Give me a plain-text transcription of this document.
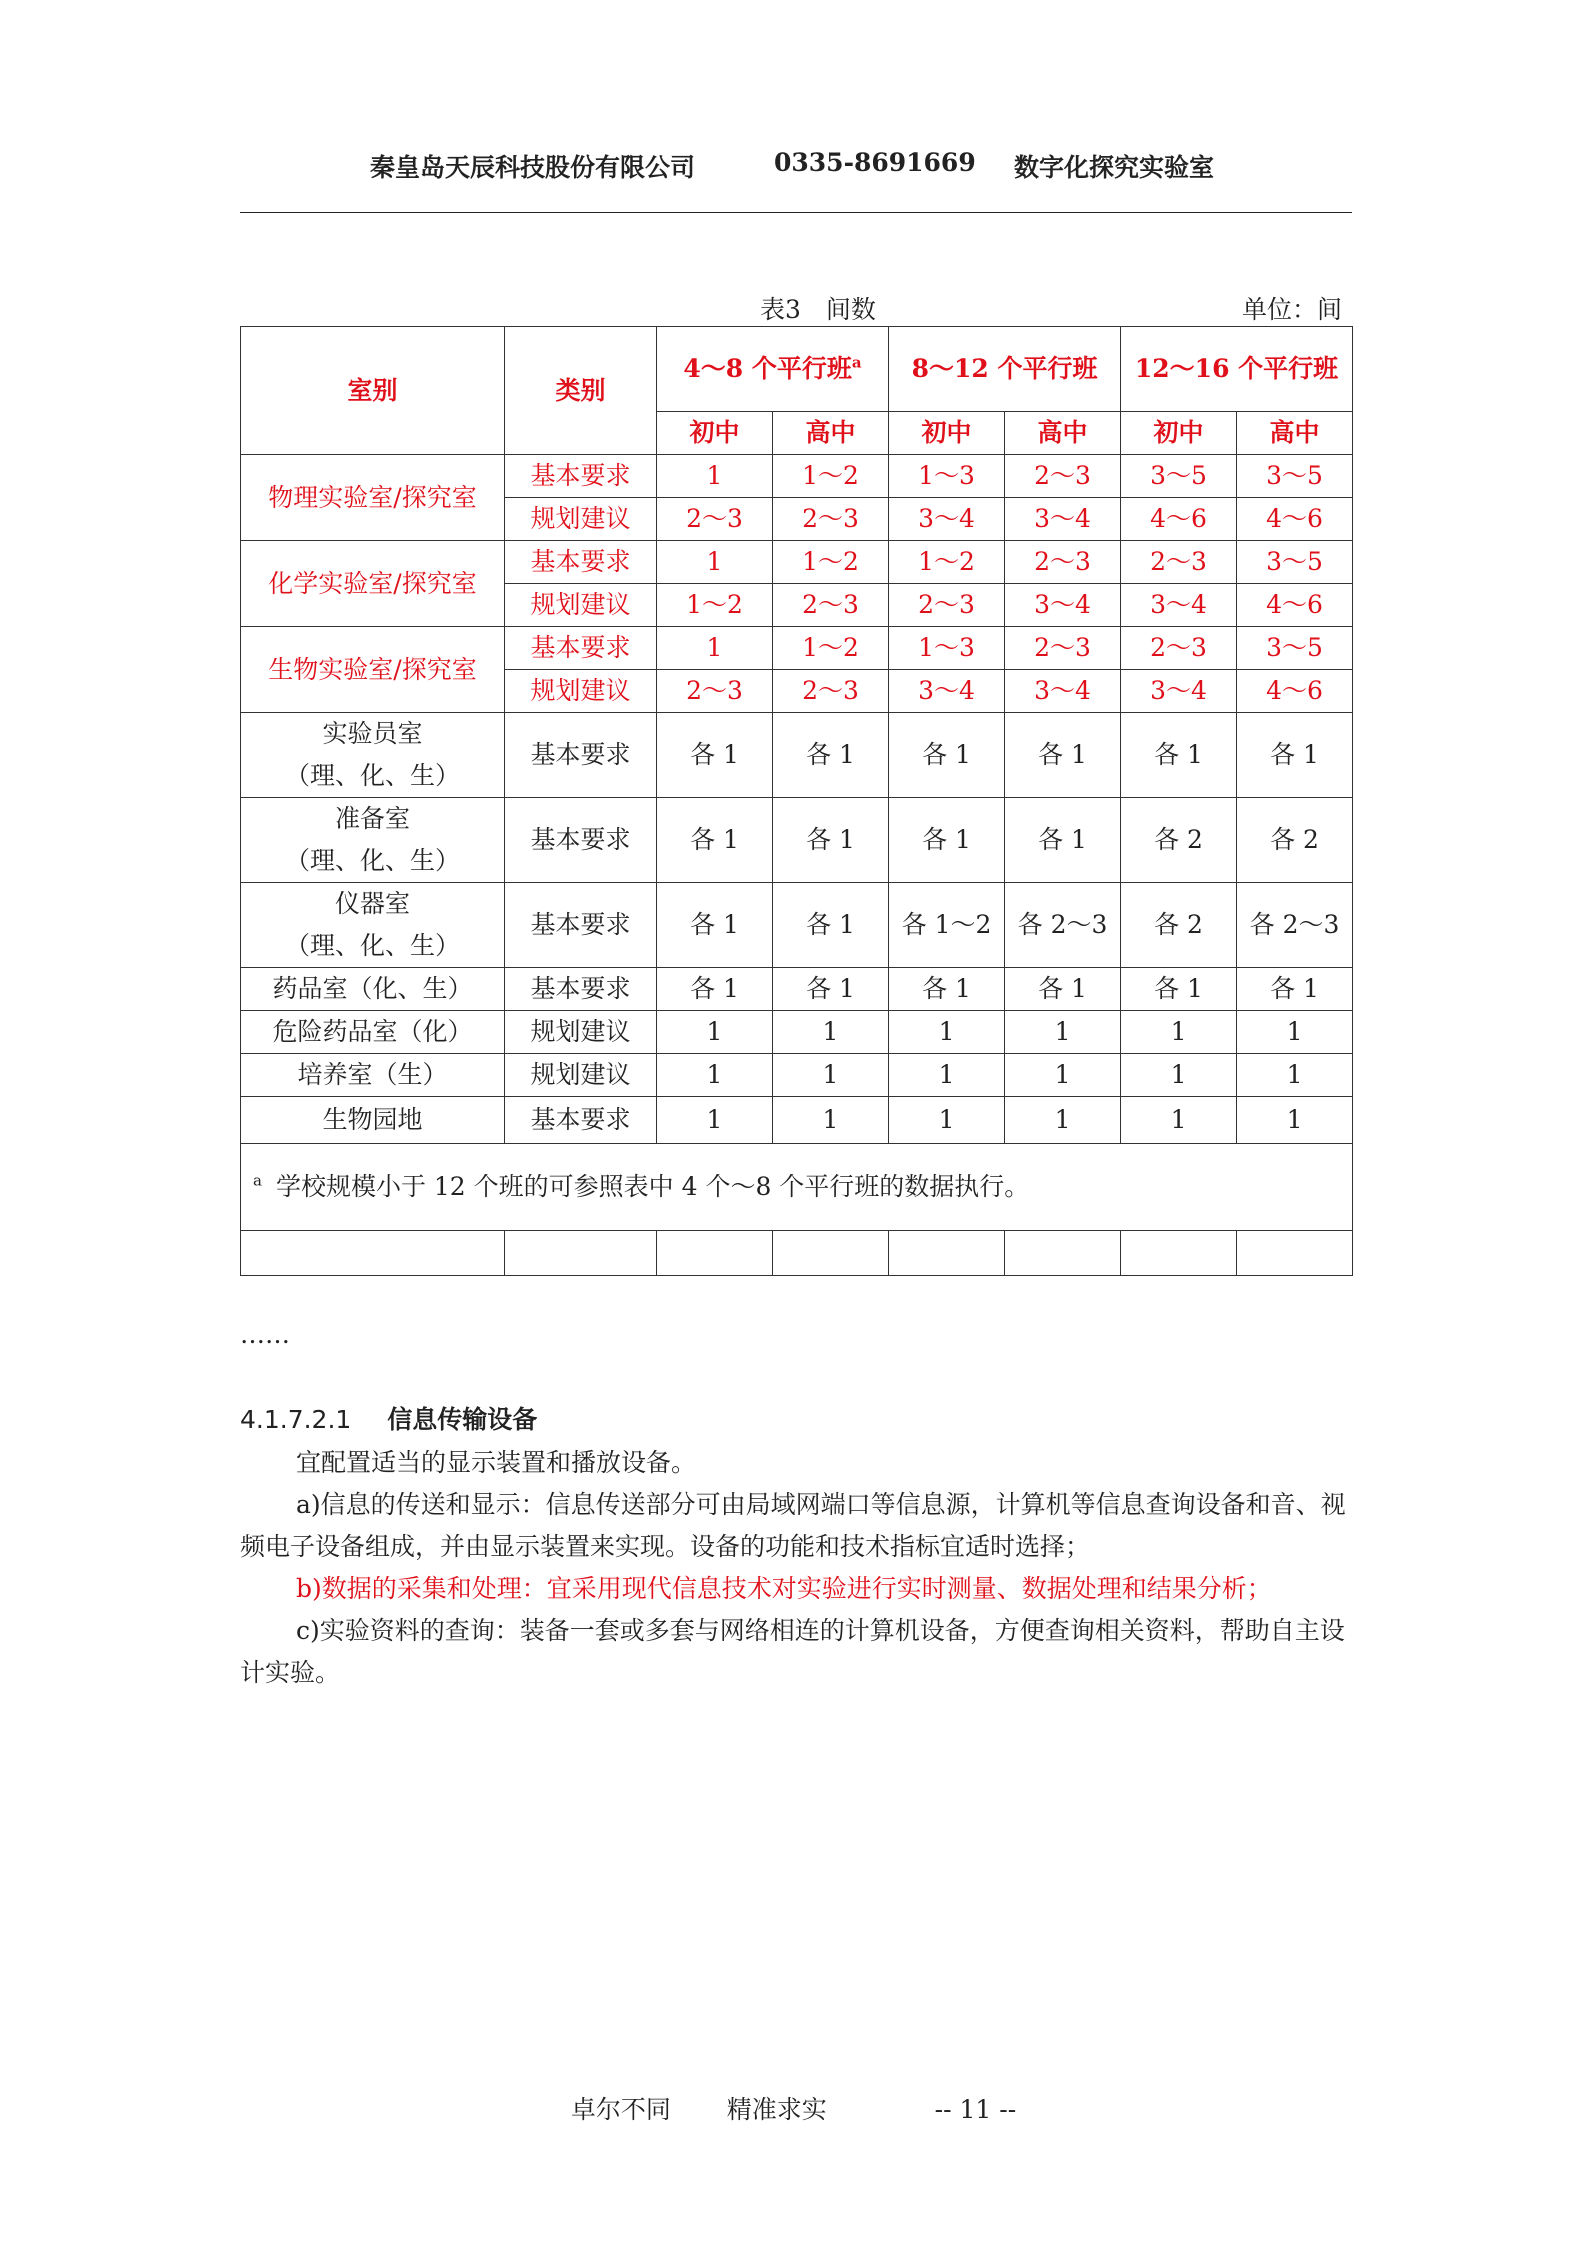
秦皇岛天辰科技股份有限公司	0335-8691669 数字化探究实验室
表3　间数	单位：间
室别	类别	4～8 个平行班$^a$		8～12 个平行班		12～16 个平行班	
		初中	高中	初中	高中	初中	高中
物理实验室/探究室	基本要求	1	1～2	1～3	2～3	3～5	3～5
	规划建议	2～3	2～3	3～4	3～4	4～6	4～6
化学实验室/探究室	基本要求	1	1～2	1～2	2～3	2～3	3～5
	规划建议	1～2	2～3	2～3	3～4	3～4	4～6
生物实验室/探究室	基本要求	1	1～2	1～3	2～3	2～3	3～5
	规划建议	2～3	2～3	3～4	3～4	3～4	4～6
实验员室
（理、化、生）	基本要求	各 1	各 1	各 1	各 1	各 1	各 1
准备室
（理、化、生）	基本要求	各 1	各 1	各 1	各 1	各 2	各 2
仪器室
（理、化、生）	基本要求	各 1	各 1	各 1～2	各 2～3	各 2	各 2～3
药品室（化、生）	基本要求	各 1	各 1	各 1	各 1	各 1	各 1
危险药品室（化）	规划建议	1	1	1	1	1	1
培养室（生）	规划建议	1	1	1	1	1	1
生物园地	基本要求	1	1	1	1	1	1
$^a$ 学校规模小于 12 个班的可参照表中 4 个～8 个平行班的数据执行。							

……
4.1.7.2.1 信息传输设备
宜配置适当的显示装置和播放设备。
a)信息的传送和显示：信息传送部分可由局域网端口等信息源，计算机等信息查询设备和音、视频电子设备组成，并由显示装置来实现。设备的功能和技术指标宜适时选择；
b)数据的采集和处理：宜采用现代信息技术对实验进行实时测量、数据处理和结果分析；
c)实验资料的查询：装备一套或多套与网络相连的计算机设备，方便查询相关资料，帮助自主设计实验。
卓尔不同 精准求实	-- 11 --
